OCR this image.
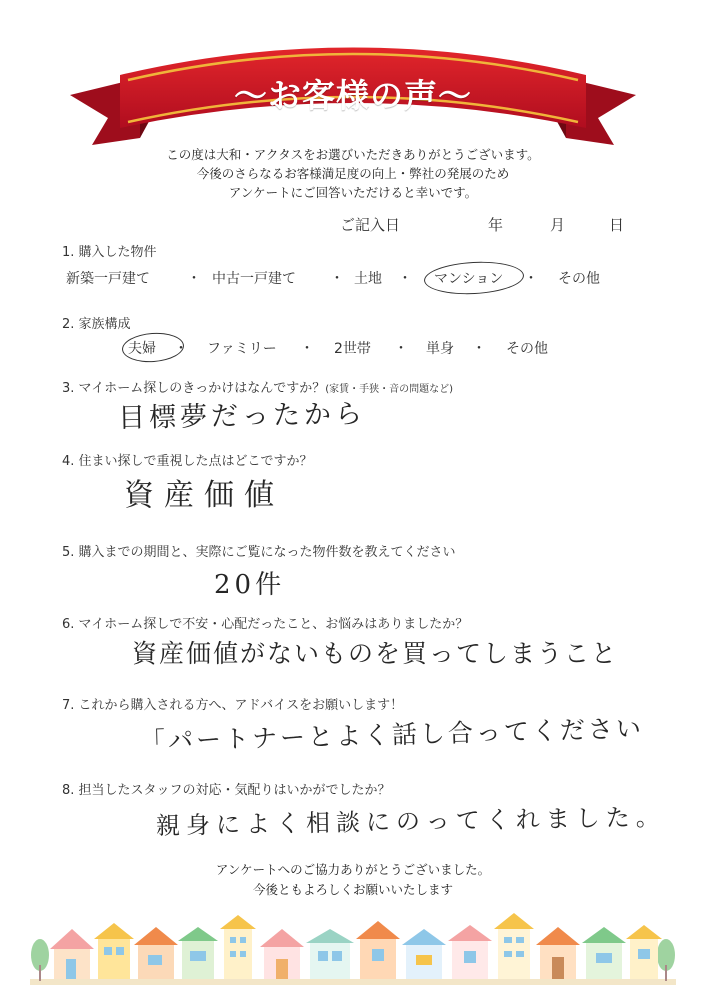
〜お客様の声〜
この度は大和・アクタスをお選びいただきありがとうございます。
今後のさらなるお客様満足度の向上・弊社の発展のため
アンケートにご回答いただけると幸いです。
ご記入日	年	月	日
1. 購入した物件
新築一戸建て	・ 中古一戸建て ・ 土地 ・ マンション ・ その他
2. 家族構成
夫婦 ・ ファミリー ・ 2世帯 ・ 単身 ・ その他
3. マイホーム探しのきっかけはなんですか？(家賃・手狭・音の問題など)
目標夢だったから
4. 住まい探しで重視した点はどこですか？
資産価値
5. 購入までの期間と、実際にご覧になった物件数を教えてください
20件
6. マイホーム探しで不安・心配だったこと、お悩みはありましたか？
資産価値がないものを買ってしまうこと
7. これから購入される方へ、アドバイスをお願いします！
「パートナーとよく話し合ってください
8. 担当したスタッフの対応・気配りはいかがでしたか？
親身によく相談にのってくれました。
アンケートへのご協力ありがとうございました。
今後ともよろしくお願いいたします
